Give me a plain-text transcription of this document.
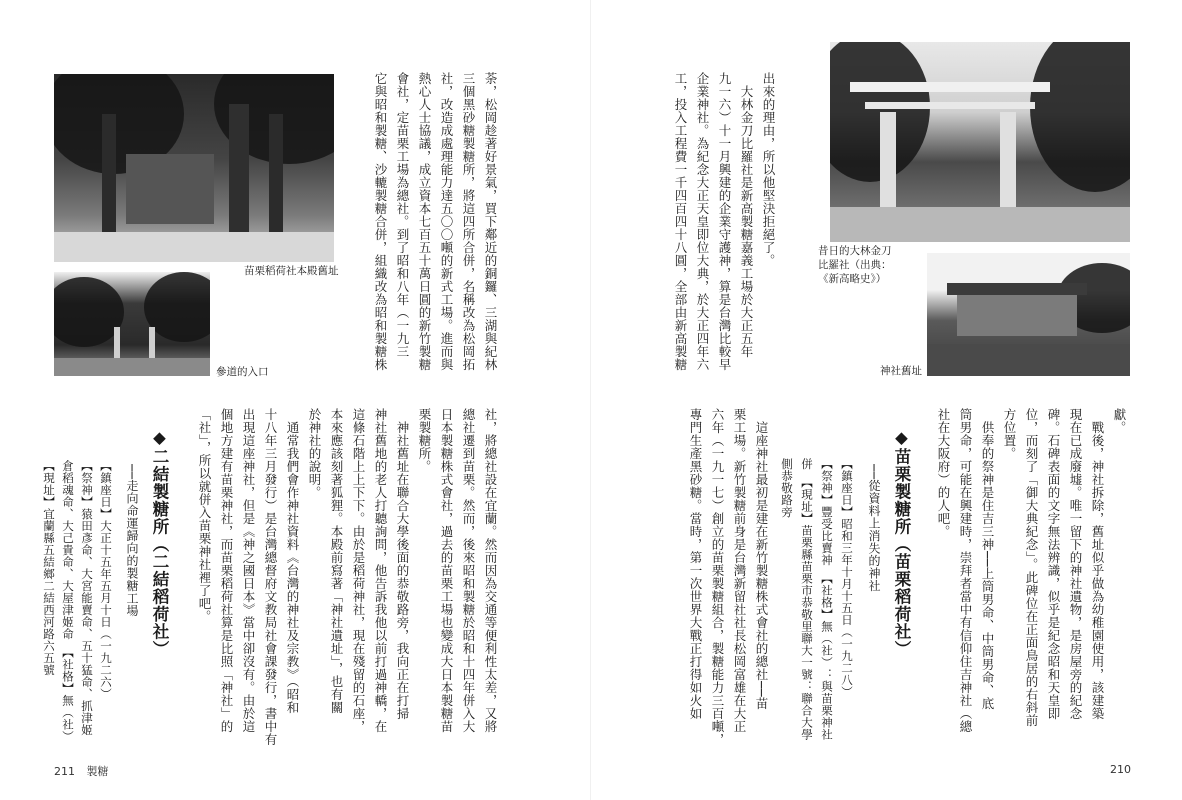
昔日的大林金刀
比羅社（出典：
《新高略史》）
神社舊址
出來的理由，所以他堅決拒絕了。
　大林金刀比羅社是新高製糖嘉義工場於大正五年
九一六）十一月興建的企業守護神，算是台灣比較早
企業神社。為紀念大正天皇即位大典，於大正四年六
工，投入工程費一千四百四十八圓，全部由新高製糖
獻。
　戰後，神社拆除，舊址似乎做為幼稚園使用，該建築
現在已成廢墟。唯一留下的神社遺物，是房屋旁的紀念
碑。石碑表面的文字無法辨識，似乎是紀念昭和天皇即
位，而刻了「御大典紀念」。此碑位在正面鳥居的右斜前
方位置。
　供奉的祭神是住吉三神──上筒男命、中筒男命、底
筒男命，可能在興建時，崇拜者當中有信仰住吉神社（總
社在大阪府）的人吧。
◆苗栗製糖所（苗栗稻荷社）
──從資料上消失的神社
【鎮座日】昭和三年十月十五日（一九二八）
【祭神】豐受比賣神　【社格】無（社）：與苗栗神社
併　【現址】苗栗縣苗栗市恭敬里聯大一號：聯合大學
側恭敬路旁
　這座神社最初是建在新竹製糖株式會社的總社──苗
栗工場。新竹製糖前身是台灣新留社社長松岡富雄在大正
六年（一九一七）創立的苗栗製糖組合，製糖能力三百噸，
專門生產黑砂糖。當時，第一次世界大戰正打得如火如
210
苗栗稻荷社本殿舊址
參道的入口
荼，松岡趁著好景氣，買下鄰近的銅鑼、三湖與紀林
三個黑砂糖製糖所，將這四所合併，名稱改為松岡拓
社，改造成處理能力達五〇〇噸的新式工場。進而與
熱心人士協議，成立資本七百五十萬日圓的新竹製糖
會社，定苗栗工場為總社。到了昭和八年（一九三
它與昭和製糖、沙轆製糖合併，組織改為昭和製糖株
社，將總社設在宜蘭。然而因為交通等便利性太差，又將
總社遷到苗栗。然而，後來昭和製糖於昭和十四年併入大
日本製糖株式會社，過去的苗栗工場也變成大日本製糖苗
栗製糖所。
　神社舊址在聯合大學後面的恭敬路旁，我向正在打掃
神社舊地的老人打聽詢問，他告訴我他以前打過神轎，在
這條石階上上下下。由於是稻荷神社，現在殘留的石座，
本來應該刻著狐狸。本殿前寫著「神社遺址」，也有關
於神社的說明。
　通常我們會作神社資料《台灣的神社及宗教》（昭和
十八年三月發行）是台灣總督府文教局社會課發行，書中有
出現這座神社，但是《神之國日本》當中卻沒有。由於這
個地方建有苗栗神社，而苗栗稻荷社算是比照「神社」的
「社」，所以就併入苗栗神社裡了吧。
◆二結製糖所（二結稻荷社）
──走向命運歸向的製糖工場
【鎮座日】大正十五年五月十日（一九二六）
【祭神】猿田彥命、大宮能賣命、五十猛命、抓津姬
倉稻魂命、大己貴命、大屋津姬命　【社格】無（社）
【現址】宜蘭縣五結鄉二結西河路六五號
211 製糖
